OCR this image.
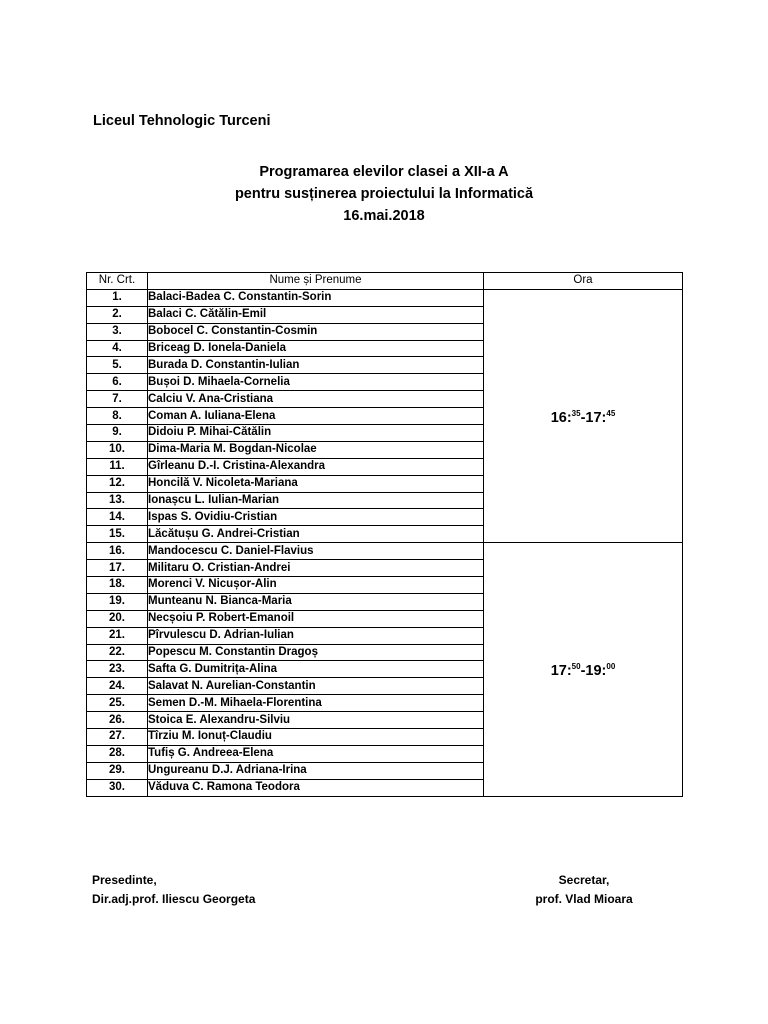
Liceul Tehnologic Turceni
Programarea elevilor clasei a XII-a A
pentru susținerea proiectului la Informatică
16.mai.2018
Nr. Crt.	Nume și Prenume	Ora
1.	Balaci-Badea C. Constantin-Sorin	16:$^{35}$-17:$^{45}$
2.	Balaci C. Cătălin-Emil	
3.	Bobocel C. Constantin-Cosmin	
4.	Briceag D. Ionela-Daniela	
5.	Burada D. Constantin-Iulian	
6.	Bușoi D. Mihaela-Cornelia	
7.	Calciu V. Ana-Cristiana	
8.	Coman A. Iuliana-Elena	
9.	Didoiu P. Mihai-Cătălin	
10.	Dima-Maria M. Bogdan-Nicolae	
11.	Gîrleanu D.-I. Cristina-Alexandra	
12.	Honcilă V. Nicoleta-Mariana	
13.	Ionașcu L. Iulian-Marian	
14.	Ispas S. Ovidiu-Cristian	
15.	Lăcătușu G. Andrei-Cristian	
16.	Mandocescu C. Daniel-Flavius	17:$^{50}$-19:$^{00}$
17.	Militaru O. Cristian-Andrei	
18.	Morenci V. Nicușor-Alin	
19.	Munteanu N. Bianca-Maria	
20.	Necșoiu P. Robert-Emanoil	
21.	Pîrvulescu D. Adrian-Iulian	
22.	Popescu M. Constantin Dragoș	
23.	Safta G. Dumitrița-Alina	
24.	Salavat N. Aurelian-Constantin	
25.	Semen D.-M. Mihaela-Florentina	
26.	Stoica E. Alexandru-Silviu	
27.	Tîrziu M. Ionuț-Claudiu	
28.	Tufiș G. Andreea-Elena	
29.	Ungureanu D.J. Adriana-Irina	
30.	Văduva C. Ramona Teodora	
Presedinte,
Dir.adj.prof. Iliescu Georgeta
Secretar,
prof. Vlad Mioara
